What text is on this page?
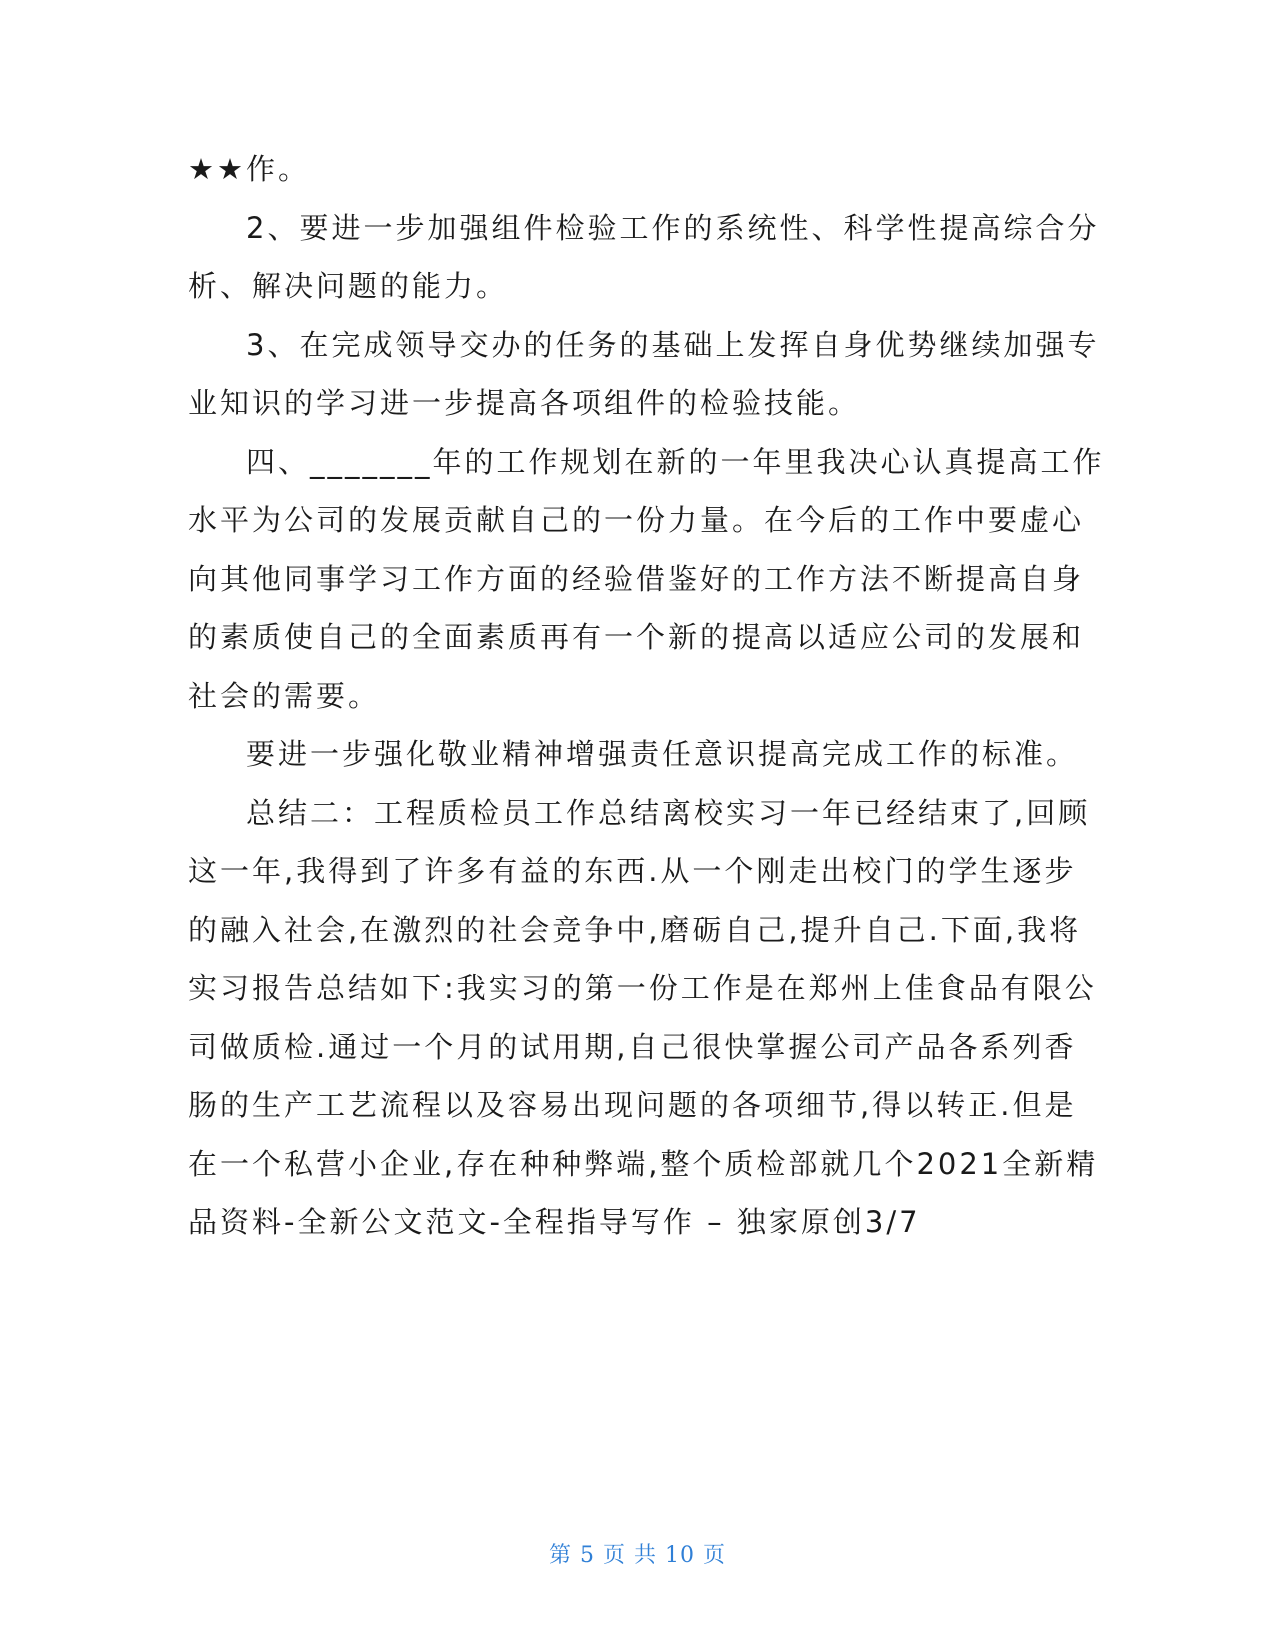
★★作。
2、要进一步加强组件检验工作的系统性、科学性提高综合分
析、解决问题的能力。
3、在完成领导交办的任务的基础上发挥自身优势继续加强专
业知识的学习进一步提高各项组件的检验技能。
四、_______年的工作规划在新的一年里我决心认真提高工作
水平为公司的发展贡献自己的一份力量。在今后的工作中要虚心
向其他同事学习工作方面的经验借鉴好的工作方法不断提高自身
的素质使自己的全面素质再有一个新的提高以适应公司的发展和
社会的需要。
要进一步强化敬业精神增强责任意识提高完成工作的标准。
总结二：工程质检员工作总结离校实习一年已经结束了,回顾
这一年,我得到了许多有益的东西.从一个刚走出校门的学生逐步
的融入社会,在激烈的社会竞争中,磨砺自己,提升自己.下面,我将
实习报告总结如下:我实习的第一份工作是在郑州上佳食品有限公
司做质检.通过一个月的试用期,自己很快掌握公司产品各系列香
肠的生产工艺流程以及容易出现问题的各项细节,得以转正.但是
在一个私营小企业,存在种种弊端,整个质检部就几个2021全新精
品资料-全新公文范文-全程指导写作 – 独家原创3/7
第 5 页 共 10 页
